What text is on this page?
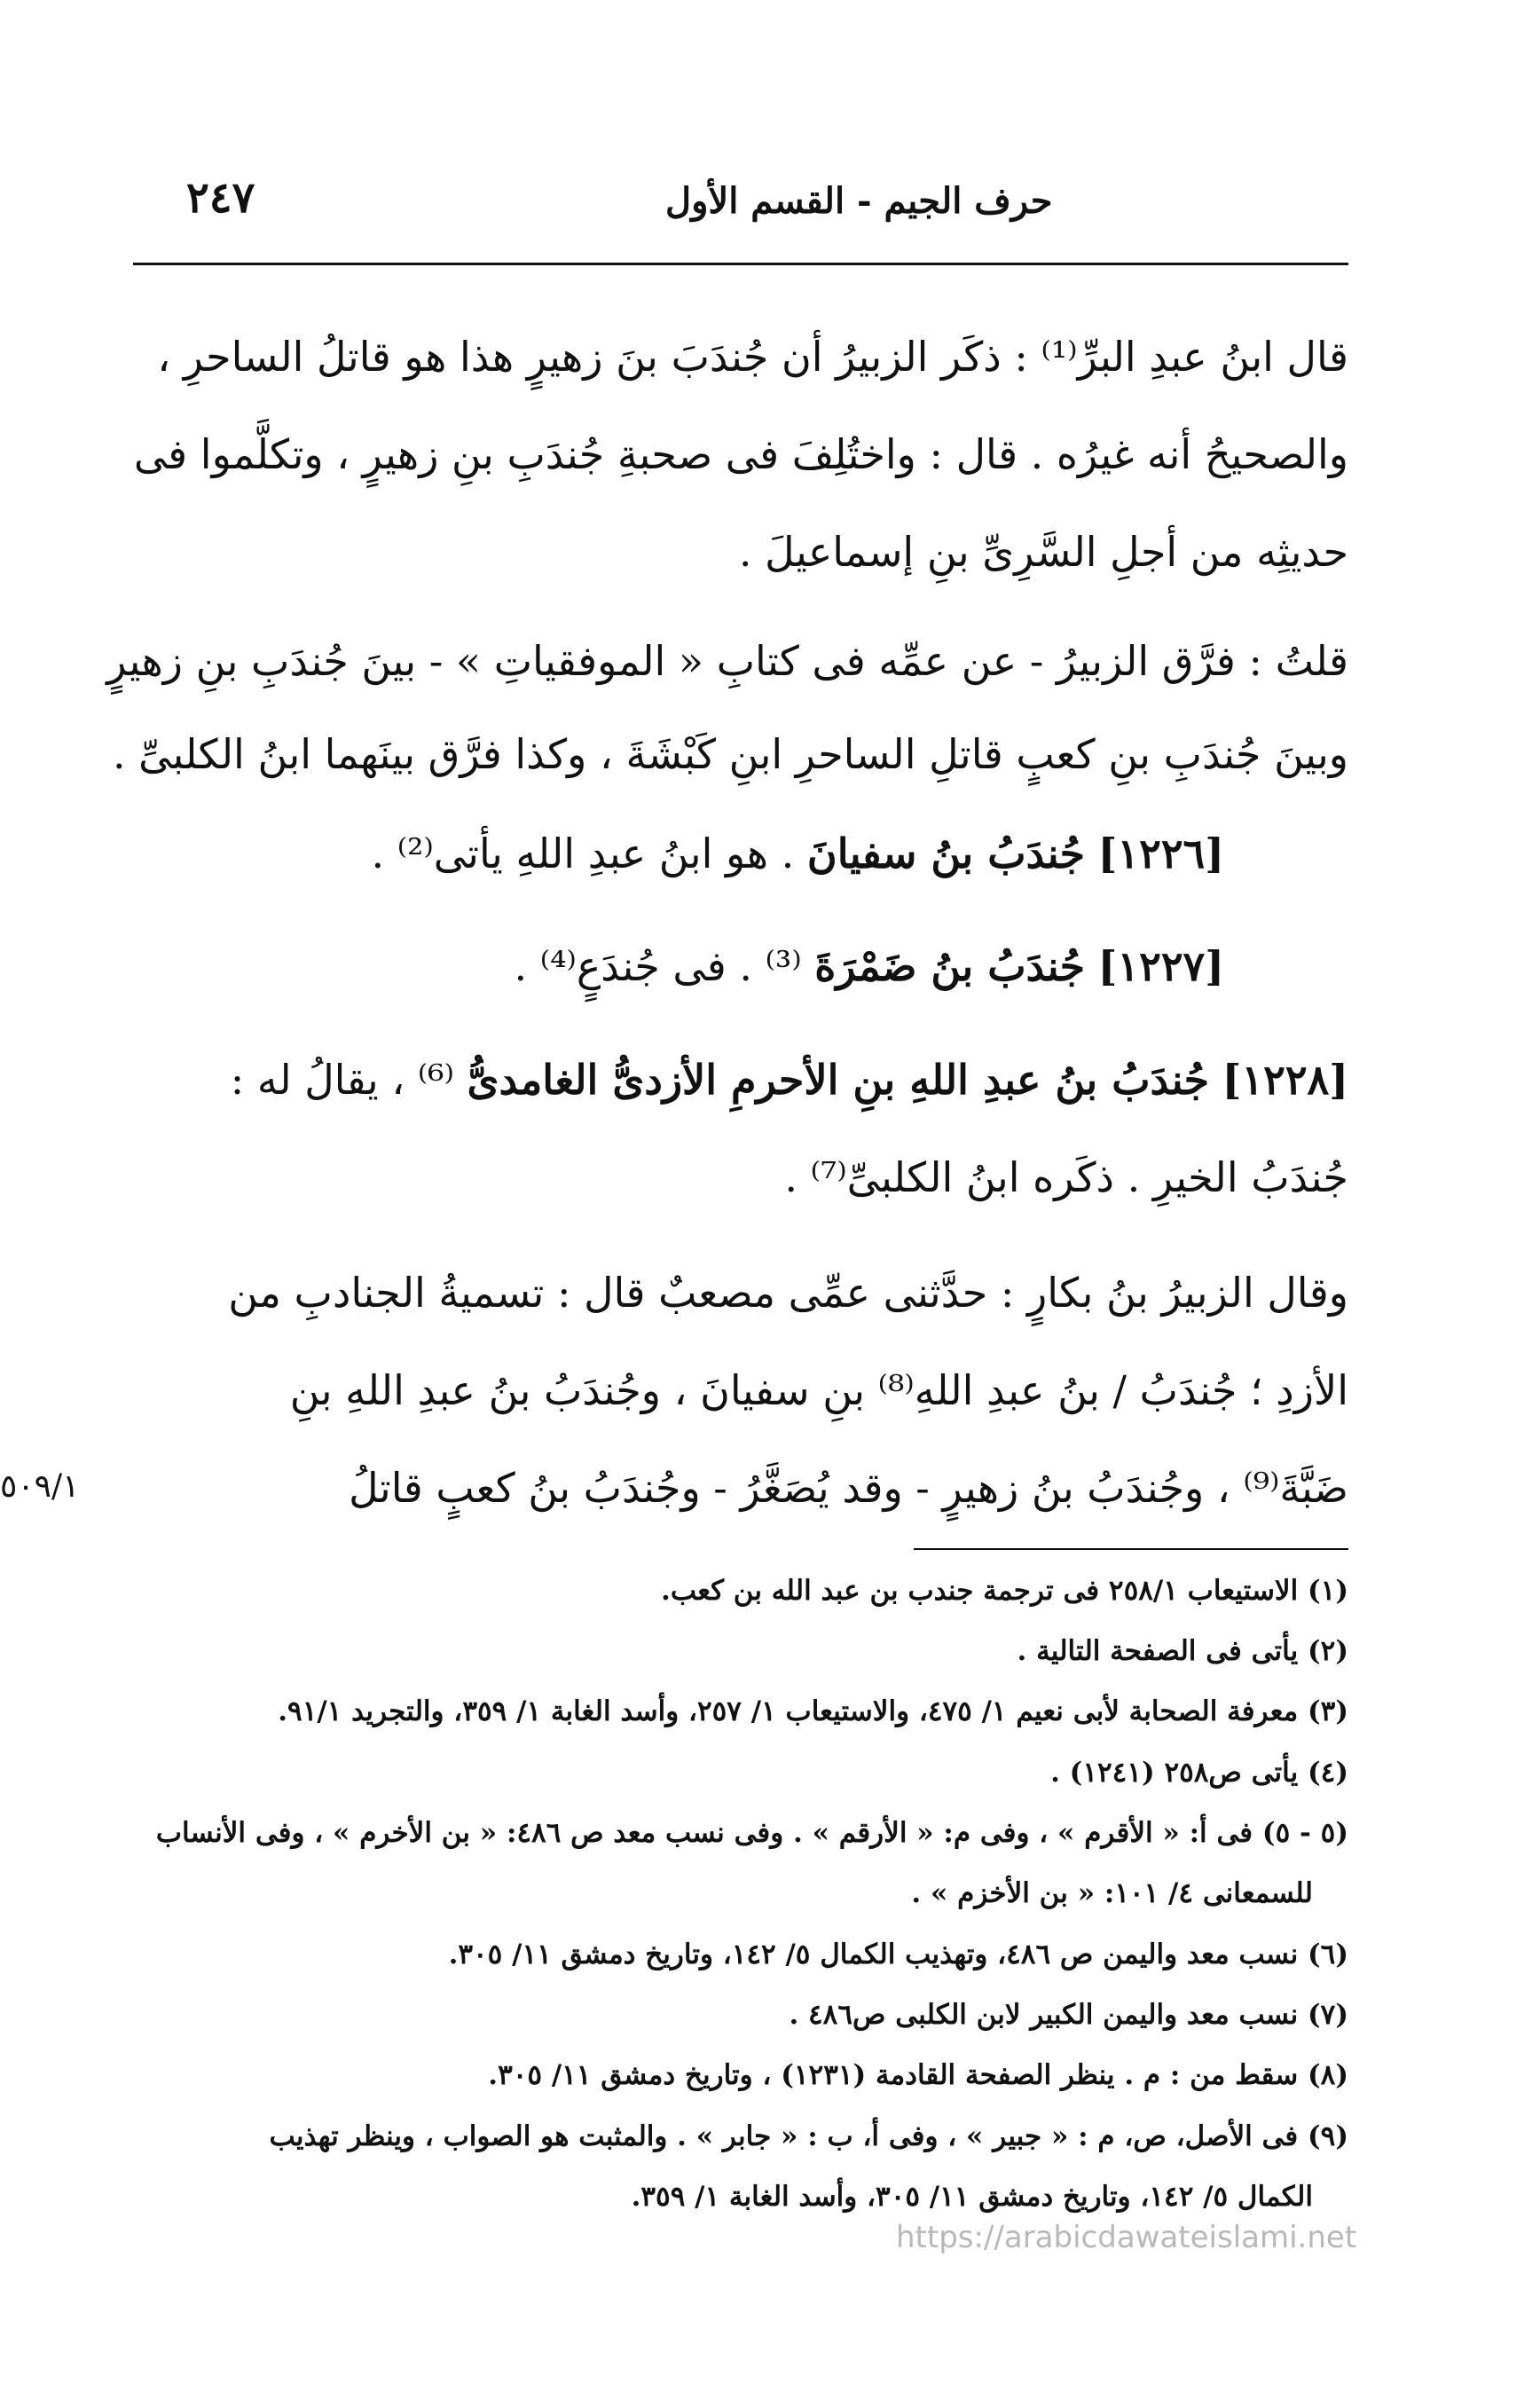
٢٤٧	حرف الجيم - القسم الأول
قال ابنُ عبدِ البرِّ⁽¹⁾ : ذكَر الزبيرُ أن جُندَبَ بنَ زهيرٍ هذا هو قاتلُ الساحرِ ،
والصحيحُ أنه غيرُه . قال : واختُلِفَ فى صحبةِ جُندَبِ بنِ زهيرٍ ، وتكلَّموا فى
حديثِه من أجلِ السَّرِىِّ بنِ إسماعيلَ .
قلتُ : فرَّق الزبيرُ - عن عمِّه فى كتابِ « الموفقياتِ » - بينَ جُندَبِ بنِ زهيرٍ
وبينَ جُندَبِ بنِ كعبٍ قاتلِ الساحرِ ابنِ كَبْشَةَ ، وكذا فرَّق بينَهما ابنُ الكلبىِّ .
[١٢٢٦] جُندَبُ بنُ سفيانَ . هو ابنُ عبدِ اللهِ يأتى⁽²⁾ .
[١٢٢٧] جُندَبُ بنُ ضَمْرَةَ ⁽³⁾ . فى جُندَعٍ⁽⁴⁾ .
[١٢٢٨] جُندَبُ بنُ عبدِ اللهِ بنِ الأحرمِ الأزدىُّ الغامدىُّ ⁽⁶⁾ ، يقالُ له :
جُندَبُ الخيرِ . ذكَره ابنُ الكلبىِّ⁽⁷⁾ .
وقال الزبيرُ بنُ بكارٍ : حدَّثنى عمِّى مصعبٌ قال : تسميةُ الجنادبِ من
الأزدِ ؛ جُندَبُ / بنُ عبدِ اللهِ⁽⁸⁾ بنِ سفيانَ ، وجُندَبُ بنُ عبدِ اللهِ بنِ
ضَبَّةَ⁽⁹⁾ ، وجُندَبُ بنُ زهيرٍ - وقد يُصَغَّرُ - وجُندَبُ بنُ كعبٍ قاتلُ
٥٠٩/١
(١) الاستيعاب ٢٥٨/١ فى ترجمة جندب بن عبد الله بن كعب.
(٢) يأتى فى الصفحة التالية .
(٣) معرفة الصحابة لأبى نعيم ١/ ٤٧٥، والاستيعاب ١/ ٢٥٧، وأسد الغابة ١/ ٣٥٩، والتجريد ٩١/١.
(٤) يأتى ص٢٥٨ (١٢٤١) .
(٥ - ٥) فى أ: « الأقرم » ، وفى م: « الأرقم » . وفى نسب معد ص ٤٨٦: « بن الأخرم » ، وفى الأنساب
للسمعانى ٤/ ١٠١: « بن الأخزم » .
(٦) نسب معد واليمن ص ٤٨٦، وتهذيب الكمال ٥/ ١٤٢، وتاريخ دمشق ١١/ ٣٠٥.
(٧) نسب معد واليمن الكبير لابن الكلبى ص٤٨٦ .
(٨) سقط من : م . ينظر الصفحة القادمة (١٢٣١) ، وتاريخ دمشق ١١/ ٣٠٥.
(٩) فى الأصل، ص، م : « جبير » ، وفى أ، ب : « جابر » . والمثبت هو الصواب ، وينظر تهذيب
الكمال ٥/ ١٤٢، وتاريخ دمشق ١١/ ٣٠٥، وأسد الغابة ١/ ٣٥٩.
https://arabicdawateislami.net
